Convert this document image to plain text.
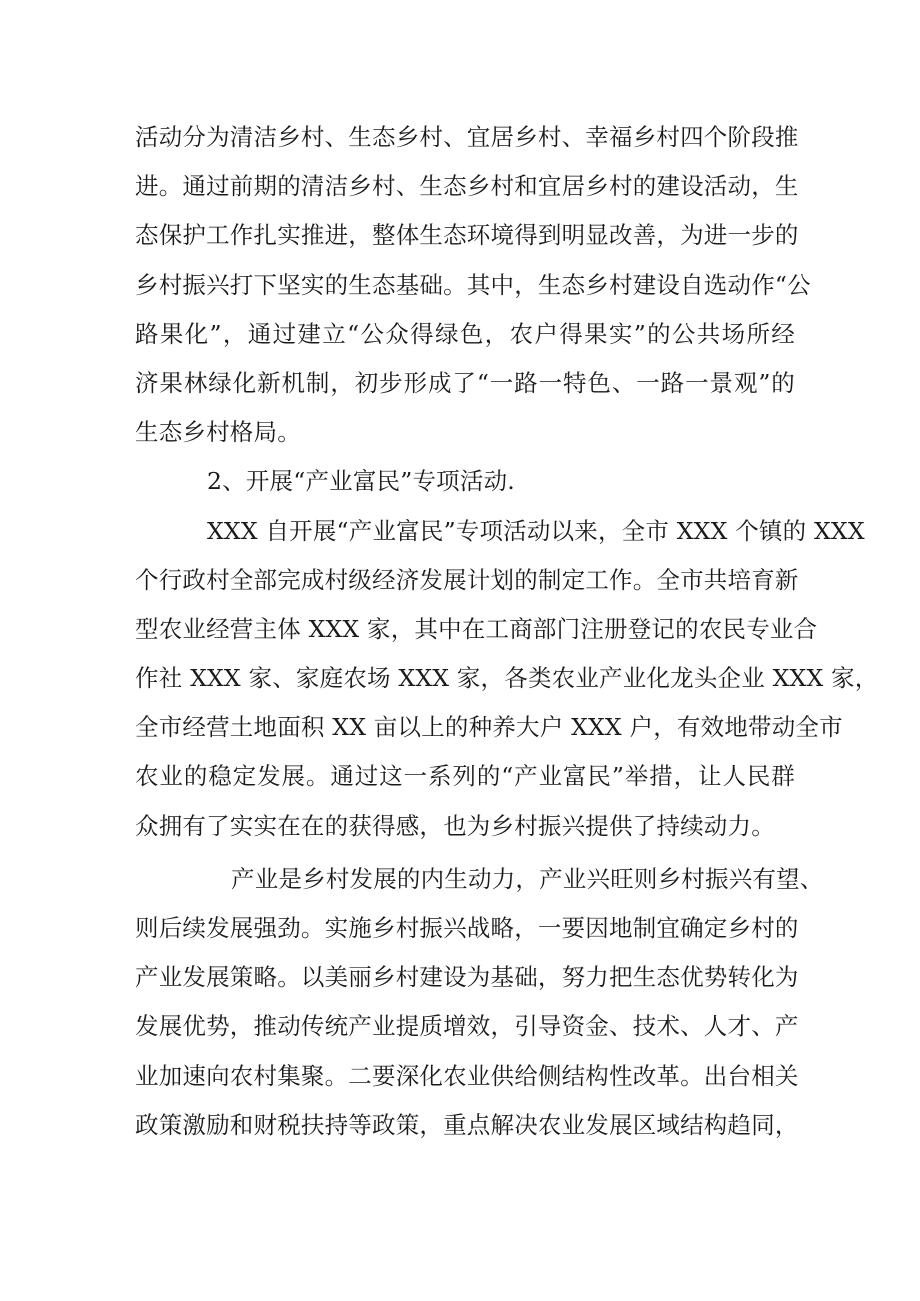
活动分为清洁乡村、生态乡村、宜居乡村、幸福乡村四个阶段推
进。通过前期的清洁乡村、生态乡村和宜居乡村的建设活动，生
态保护工作扎实推进，整体生态环境得到明显改善，为进一步的
乡村振兴打下坚实的生态基础。其中，生态乡村建设自选动作“公
路果化”，通过建立“公众得绿色，农户得果实”的公共场所经
济果林绿化新机制，初步形成了“一路一特色、一路一景观”的
生态乡村格局。
2、开展“产业富民”专项活动.
XXX 自开展“产业富民”专项活动以来，全市 XXX 个镇的 XXX
个行政村全部完成村级经济发展计划的制定工作。全市共培育新
型农业经营主体 XXX 家，其中在工商部门注册登记的农民专业合
作社 XXX 家、家庭农场 XXX 家，各类农业产业化龙头企业 XXX 家，
全市经营土地面积 XX 亩以上的种养大户 XXX 户，有效地带动全市
农业的稳定发展。通过这一系列的“产业富民”举措，让人民群
众拥有了实实在在的获得感，也为乡村振兴提供了持续动力。
产业是乡村发展的内生动力，产业兴旺则乡村振兴有望、
则后续发展强劲。实施乡村振兴战略，一要因地制宜确定乡村的
产业发展策略。以美丽乡村建设为基础，努力把生态优势转化为
发展优势，推动传统产业提质增效，引导资金、技术、人才、产
业加速向农村集聚。二要深化农业供给侧结构性改革。出台相关
政策激励和财税扶持等政策，重点解决农业发展区域结构趋同，
